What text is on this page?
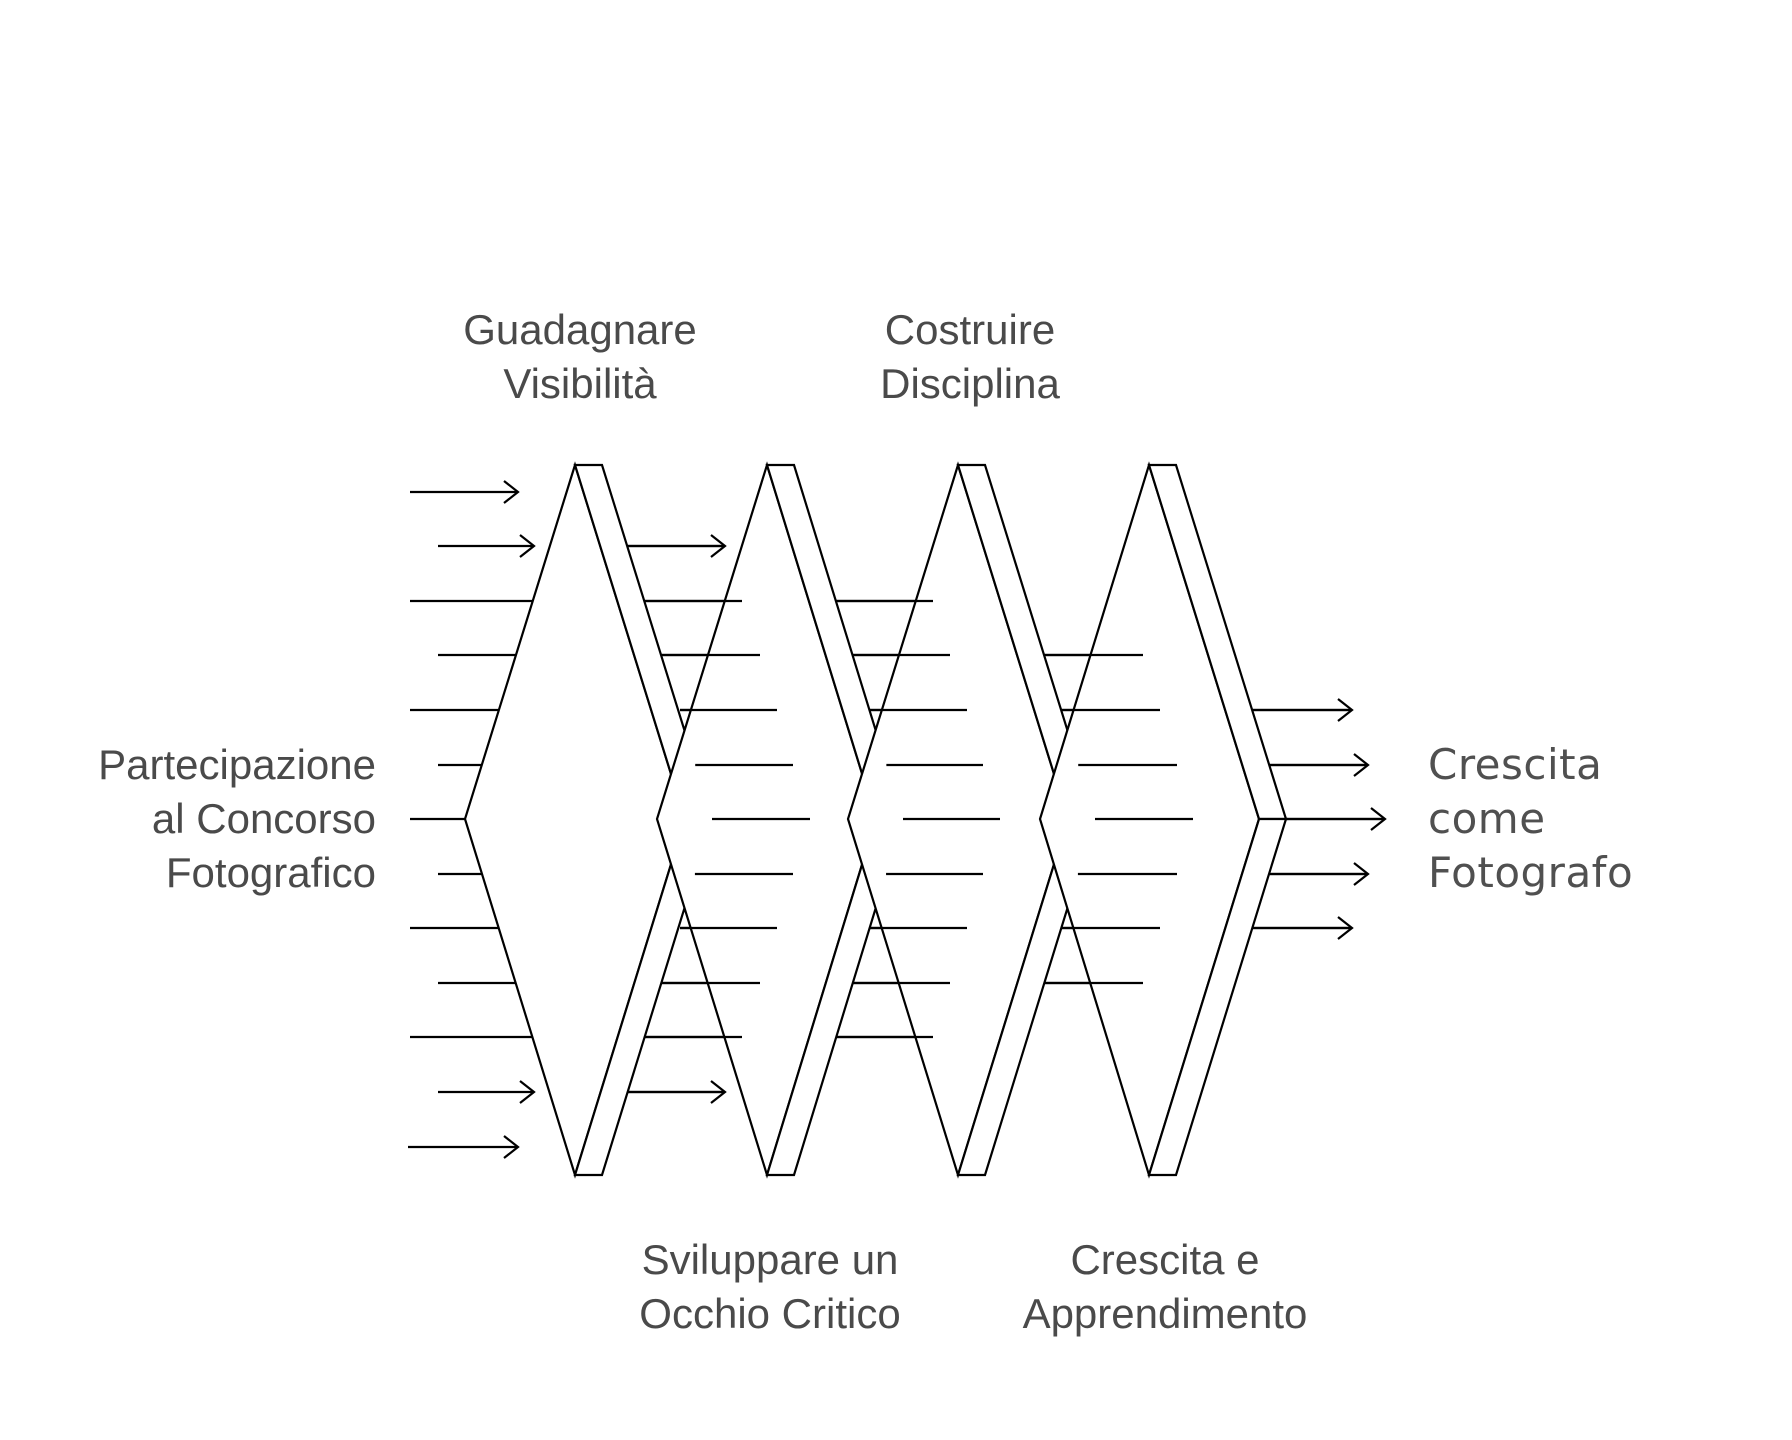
Partecipazione
al Concorso
Fotografico
Guadagnare
Visibilità
Sviluppare un
Occhio Critico
Costruire
Disciplina
Crescita e
Apprendimento
Crescita
come
Fotografo
